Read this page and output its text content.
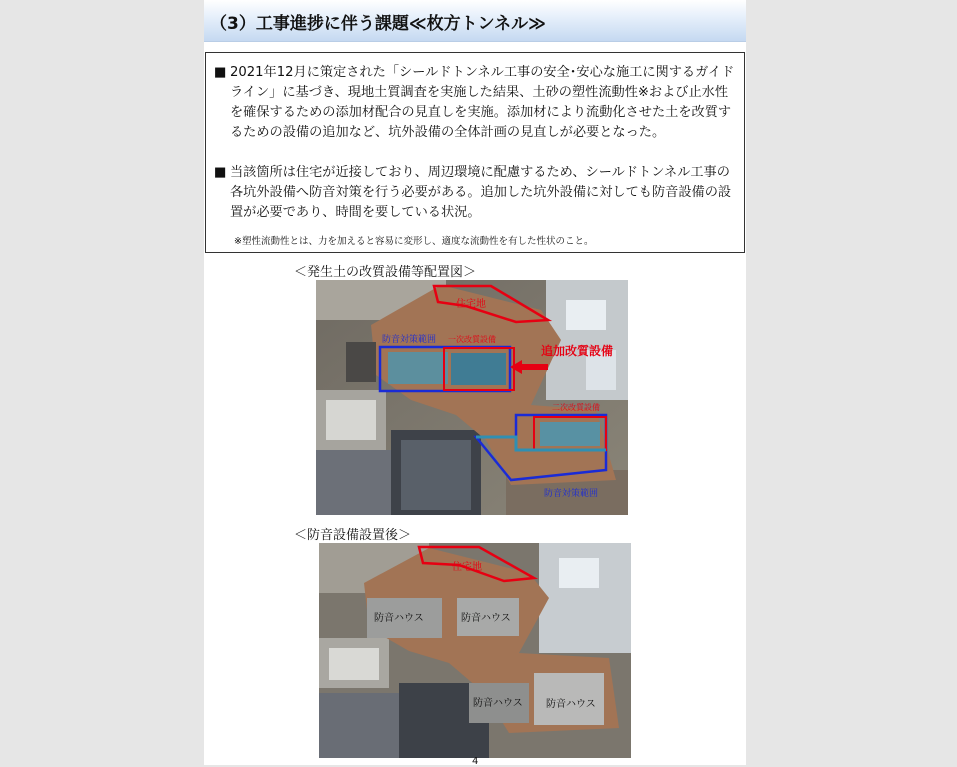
（3）工事進捗に伴う課題≪枚方トンネル≫
■ 2021年12月に策定された「シールドトンネル工事の安全･安心な施工に関するガイドライン」に基づき、現地土質調査を実施した結果、土砂の塑性流動性※および止水性を確保するための添加材配合の見直しを実施。添加材により流動化させた土を改質するための設備の追加など、坑外設備の全体計画の見直しが必要となった。
■ 当該箇所は住宅が近接しており、周辺環境に配慮するため、シールドトンネル工事の各坑外設備へ防音対策を行う必要がある。追加した坑外設備に対しても防音設備の設置が必要であり、時間を要している状況。
※塑性流動性とは、力を加えると容易に変形し、適度な流動性を有した性状のこと。
＜発生土の改質設備等配置図＞
住宅地
防音対策範囲 一次改質設備
追加改質設備
二次改質設備
防音対策範囲
＜防音設備設置後＞
住宅地
防音ハウス	防音ハウス
防音ハウス 防音ハウス
4
